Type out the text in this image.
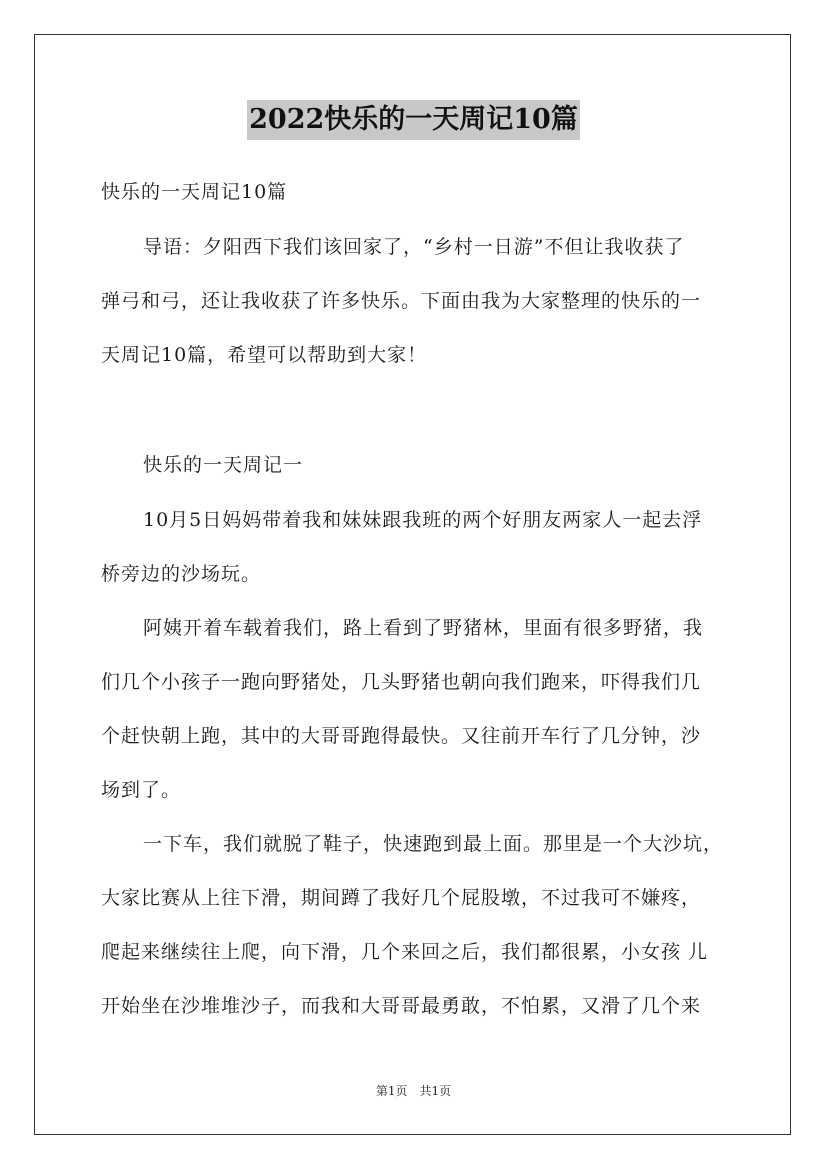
2022快乐的一天周记10篇
快乐的一天周记10篇
导语：夕阳西下我们该回家了，“乡村一日游”不但让我收获了
弹弓和弓，还让我收获了许多快乐。下面由我为大家整理的快乐的一
天周记10篇，希望可以帮助到大家！
快乐的一天周记一
10月5日妈妈带着我和妹妹跟我班的两个好朋友两家人一起去浮
桥旁边的沙场玩。
阿姨开着车载着我们，路上看到了野猪林，里面有很多野猪，我
们几个小孩子一跑向野猪处，几头野猪也朝向我们跑来，吓得我们几
个赶快朝上跑，其中的大哥哥跑得最快。又往前开车行了几分钟，沙
场到了。
一下车，我们就脱了鞋子，快速跑到最上面。那里是一个大沙坑，
大家比赛从上往下滑，期间蹲了我好几个屁股墩，不过我可不嫌疼，
爬起来继续往上爬，向下滑，几个来回之后，我们都很累，小女孩 儿
开始坐在沙堆堆沙子，而我和大哥哥最勇敢，不怕累，又滑了几个来
第1页　共1页
